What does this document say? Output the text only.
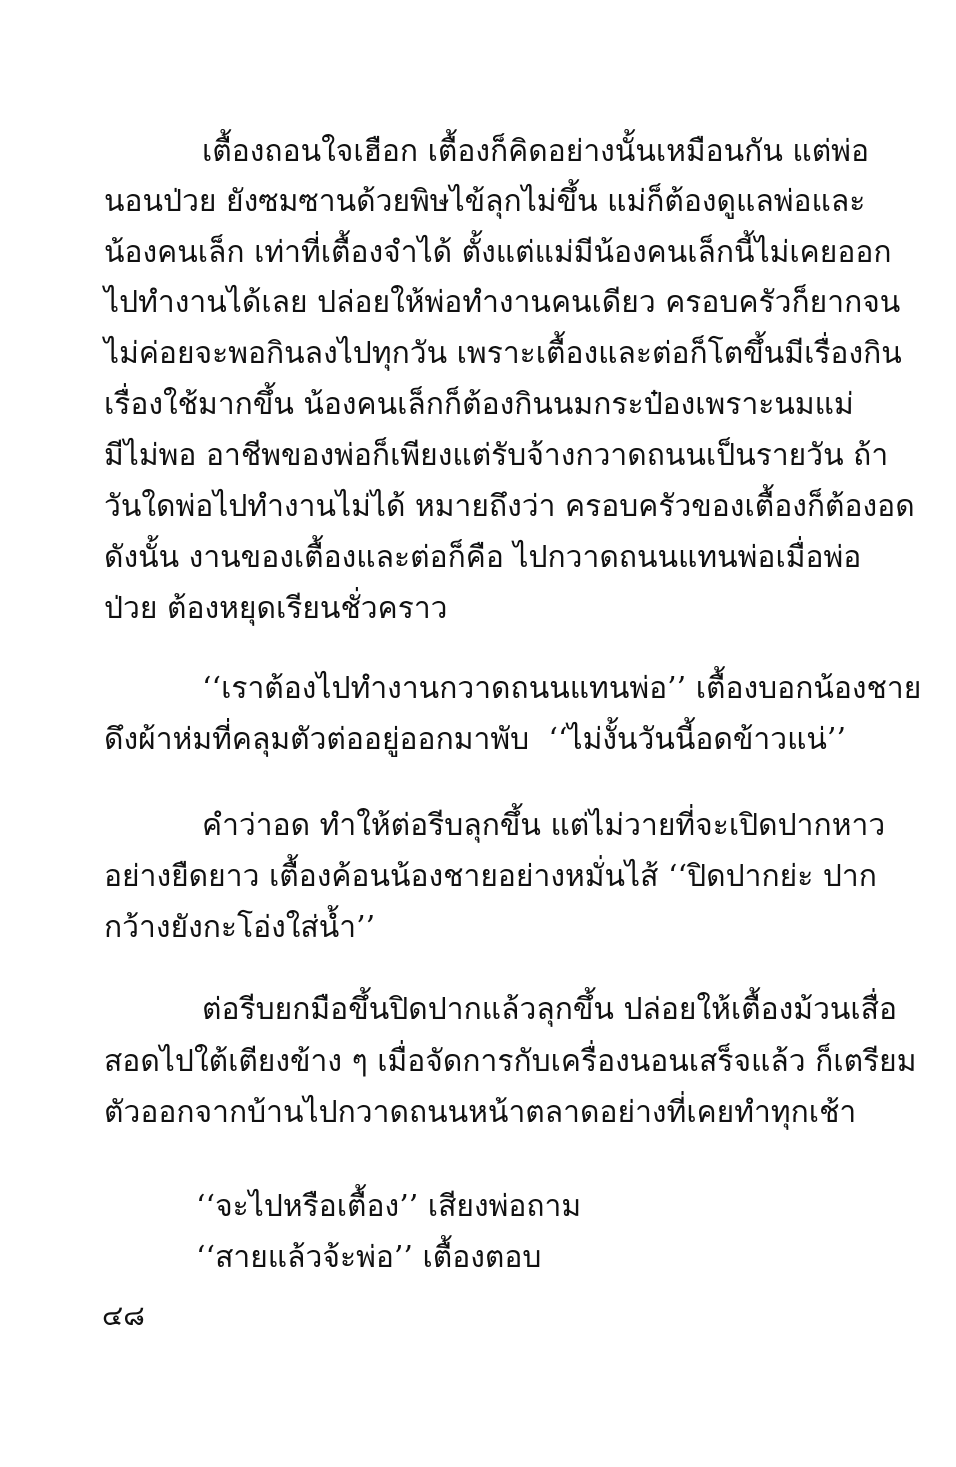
เตื้องถอนใจเฮือก เตื้องก็คิดอย่างนั้นเหมือนกัน แต่พ่อ
นอนป่วย ยังซมซานด้วยพิษไข้ลุกไม่ขึ้น แม่ก็ต้องดูแลพ่อและ
น้องคนเล็ก เท่าที่เตื้องจำได้ ตั้งแต่แม่มีน้องคนเล็กนี้ไม่เคยออก
ไปทำงานได้เลย ปล่อยให้พ่อทำงานคนเดียว ครอบครัวก็ยากจน
ไม่ค่อยจะพอกินลงไปทุกวัน เพราะเตื้องและต่อก็โตขึ้นมีเรื่องกิน
เรื่องใช้มากขึ้น น้องคนเล็กก็ต้องกินนมกระป๋องเพราะนมแม่
มีไม่พอ อาชีพของพ่อก็เพียงแต่รับจ้างกวาดถนนเป็นรายวัน ถ้า
วันใดพ่อไปทำงานไม่ได้ หมายถึงว่า ครอบครัวของเตื้องก็ต้องอด
ดังนั้น งานของเตื้องและต่อก็คือ ไปกวาดถนนแทนพ่อเมื่อพ่อ
ป่วย ต้องหยุดเรียนชั่วคราว
‘‘เราต้องไปทำงานกวาดถนนแทนพ่อ’’ เตื้องบอกน้องชาย
ดึงผ้าห่มที่คลุมตัวต่ออยู่ออกมาพับ ‘‘ไม่งั้นวันนี้อดข้าวแน่’’
คำว่าอด ทำให้ต่อรีบลุกขึ้น แต่ไม่วายที่จะเปิดปากหาว
อย่างยืดยาว เตื้องค้อนน้องชายอย่างหมั่นไส้ ‘‘ปิดปากย่ะ ปาก
กว้างยังกะโอ่งใส่น้ำ’’
ต่อรีบยกมือขึ้นปิดปากแล้วลุกขึ้น ปล่อยให้เตื้องม้วนเสื่อ
สอดไปใต้เตียงข้าง ๆ เมื่อจัดการกับเครื่องนอนเสร็จแล้ว ก็เตรียม
ตัวออกจากบ้านไปกวาดถนนหน้าตลาดอย่างที่เคยทำทุกเช้า
‘‘จะไปหรือเตื้อง’’ เสียงพ่อถาม
‘‘สายแล้วจ้ะพ่อ’’ เตื้องตอบ
๔๘
